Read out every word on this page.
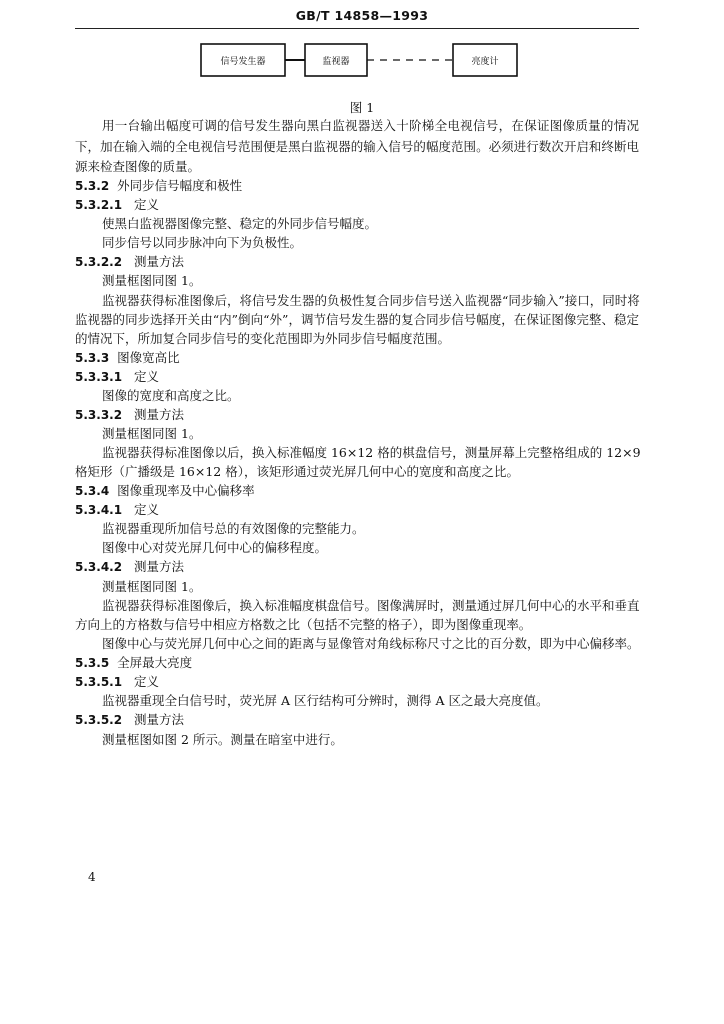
GB/T 14858—1993
信号发生器	监视器	亮度计
图 1
用一台输出幅度可调的信号发生器向黑白监视器送入十阶梯全电视信号，在保证图像质量的情况
下，加在输入端的全电视信号范围便是黑白监视器的输入信号的幅度范围。必须进行数次开启和终断电
源来检查图像的质量。
5.3.2 外同步信号幅度和极性
5.3.2.1 定义
使黑白监视器图像完整、稳定的外同步信号幅度。
同步信号以同步脉冲向下为负极性。
5.3.2.2 测量方法
测量框图同图 1。
监视器获得标准图像后，将信号发生器的负极性复合同步信号送入监视器“同步输入”接口，同时将
监视器的同步选择开关由“内”倒向“外”，调节信号发生器的复合同步信号幅度，在保证图像完整、稳定
的情况下，所加复合同步信号的变化范围即为外同步信号幅度范围。
5.3.3 图像宽高比
5.3.3.1 定义
图像的宽度和高度之比。
5.3.3.2 测量方法
测量框图同图 1。
监视器获得标准图像以后，换入标准幅度 16×12 格的棋盘信号，测量屏幕上完整格组成的 12×9
格矩形（广播级是 16×12 格），该矩形通过荧光屏几何中心的宽度和高度之比。
5.3.4 图像重现率及中心偏移率
5.3.4.1 定义
监视器重现所加信号总的有效图像的完整能力。
图像中心对荧光屏几何中心的偏移程度。
5.3.4.2 测量方法
测量框图同图 1。
监视器获得标准图像后，换入标准幅度棋盘信号。图像满屏时，测量通过屏几何中心的水平和垂直
方向上的方格数与信号中相应方格数之比（包括不完整的格子），即为图像重现率。
图像中心与荧光屏几何中心之间的距离与显像管对角线标称尺寸之比的百分数，即为中心偏移率。
5.3.5 全屏最大亮度
5.3.5.1 定义
监视器重现全白信号时，荧光屏 A 区行结构可分辨时，测得 A 区之最大亮度值。
5.3.5.2 测量方法
测量框图如图 2 所示。测量在暗室中进行。
4
